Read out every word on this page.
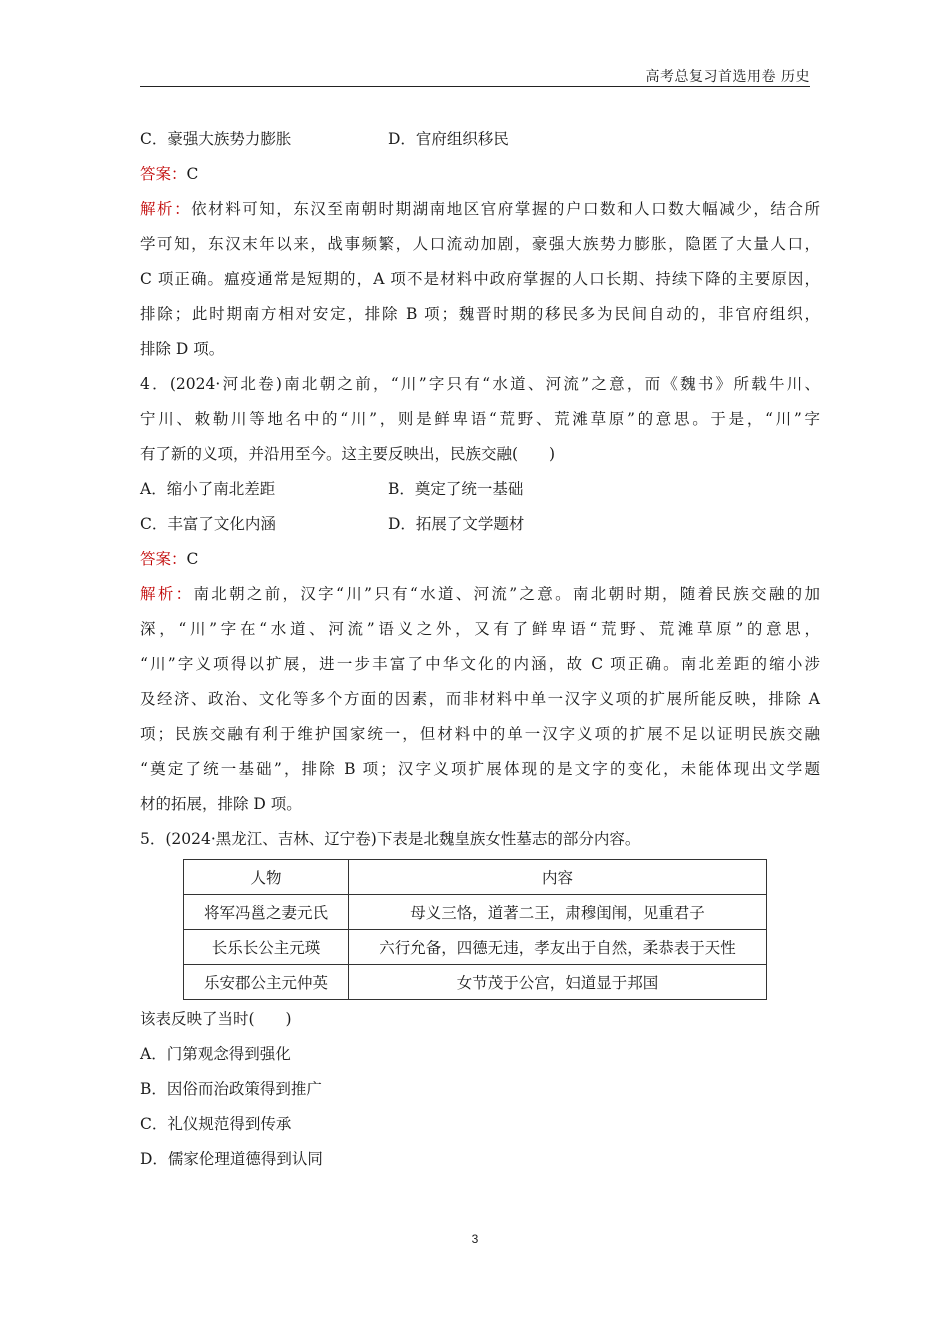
高考总复习首选用卷 历史
C．豪强大族势力膨胀	D．官府组织移民
答案：C
解析：依材料可知，东汉至南朝时期湖南地区官府掌握的户口数和人口数大幅减少，结合所
学可知，东汉末年以来，战事频繁，人口流动加剧，豪强大族势力膨胀，隐匿了大量人口，
C 项正确。瘟疫通常是短期的，A 项不是材料中政府掌握的人口长期、持续下降的主要原因，
排除；此时期南方相对安定，排除 B 项；魏晋时期的移民多为民间自动的，非官府组织，
排除 D 项。
4．(2024·河北卷)南北朝之前，“川”字只有“水道、河流”之意，而《魏书》所载牛川、
宁川、敕勒川等地名中的“川”，则是鲜卑语“荒野、荒滩草原”的意思。于是，“川”字
有了新的义项，并沿用至今。这主要反映出，民族交融(　　)
A．缩小了南北差距	B．奠定了统一基础
C．丰富了文化内涵	D．拓展了文学题材
答案：C
解析：南北朝之前，汉字“川”只有“水道、河流”之意。南北朝时期，随着民族交融的加
深，“川”字在“水道、河流”语义之外，又有了鲜卑语“荒野、荒滩草原”的意思，
“川”字义项得以扩展，进一步丰富了中华文化的内涵，故 C 项正确。南北差距的缩小涉
及经济、政治、文化等多个方面的因素，而非材料中单一汉字义项的扩展所能反映，排除 A
项；民族交融有利于维护国家统一，但材料中的单一汉字义项的扩展不足以证明民族交融
“奠定了统一基础”，排除 B 项；汉字义项扩展体现的是文字的变化，未能体现出文学题
材的拓展，排除 D 项。
5．(2024·黑龙江、吉林、辽宁卷)下表是北魏皇族女性墓志的部分内容。
人物	内容
将军冯邕之妻元氏	母义三恪，道著二王，肃穆闺闱，见重君子
长乐长公主元瑛	六行允备，四德无违，孝友出于自然，柔恭表于天性
乐安郡公主元仲英	女节茂于公宫，妇道显于邦国
该表反映了当时(　　)
A．门第观念得到强化
B．因俗而治政策得到推广
C．礼仪规范得到传承
D．儒家伦理道德得到认同
3
